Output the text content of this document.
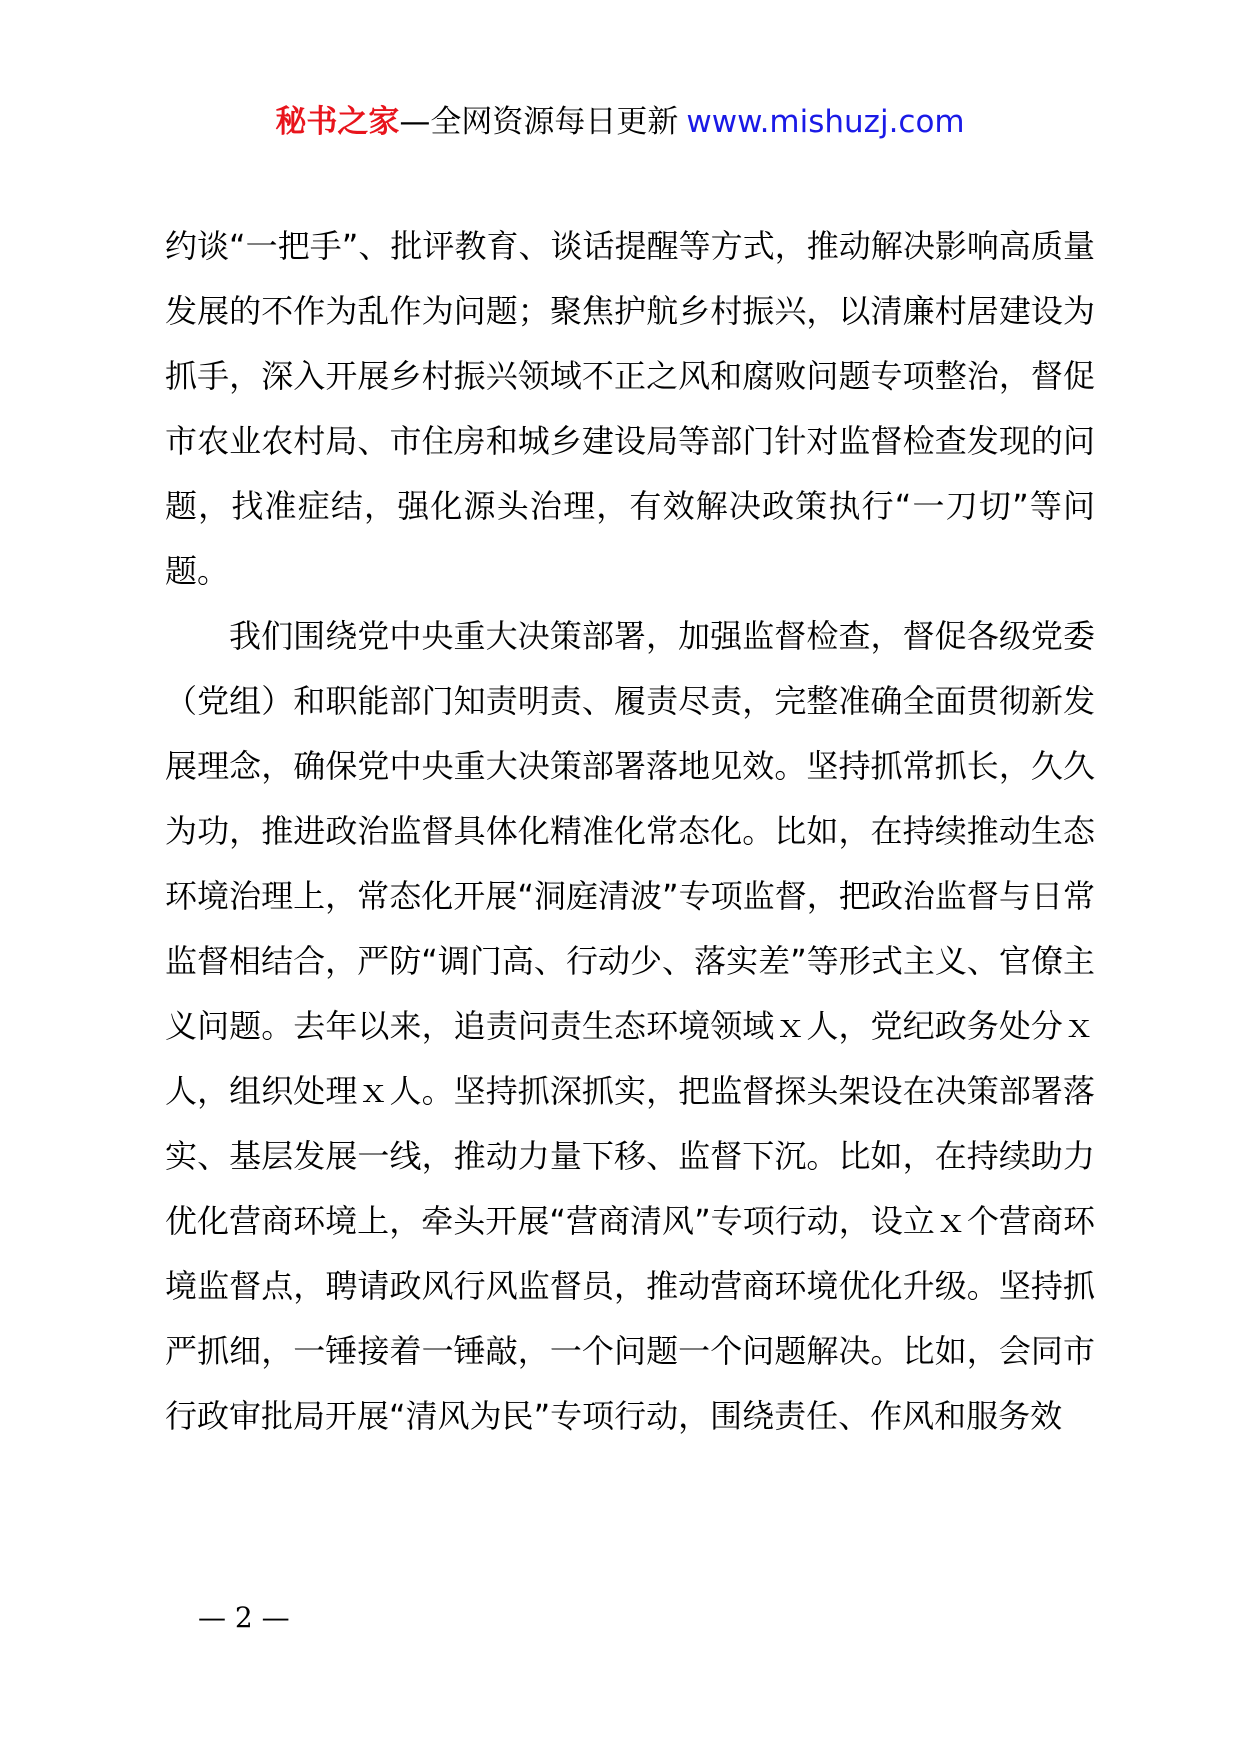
秘书之家—全网资源每日更新 www.mishuzj.com

约谈“一把手”、批评教育、谈话提醒等方式，推动解决影响高质量发展的不作为乱作为问题；聚焦护航乡村振兴，以清廉村居建设为抓手，深入开展乡村振兴领域不正之风和腐败问题专项整治，督促市农业农村局、市住房和城乡建设局等部门针对监督检查发现的问题，找准症结，强化源头治理，有效解决政策执行“一刀切”等问题。

我们围绕党中央重大决策部署，加强监督检查，督促各级党委（党组）和职能部门知责明责、履责尽责，完整准确全面贯彻新发展理念，确保党中央重大决策部署落地见效。坚持抓常抓长，久久为功，推进政治监督具体化精准化常态化。比如，在持续推动生态环境治理上，常态化开展“洞庭清波”专项监督，把政治监督与日常监督相结合，严防“调门高、行动少、落实差”等形式主义、官僚主义问题。去年以来，追责问责生态环境领域ｘ人，党纪政务处分ｘ人，组织处理ｘ人。坚持抓深抓实，把监督探头架设在决策部署落实、基层发展一线，推动力量下移、监督下沉。比如，在持续助力优化营商环境上，牵头开展“营商清风”专项行动，设立ｘ个营商环境监督点，聘请政风行风监督员，推动营商环境优化升级。坚持抓严抓细，一锤接着一锤敲，一个问题一个问题解决。比如，会同市行政审批局开展“清风为民”专项行动，围绕责任、作风和服务效

— 2 —
